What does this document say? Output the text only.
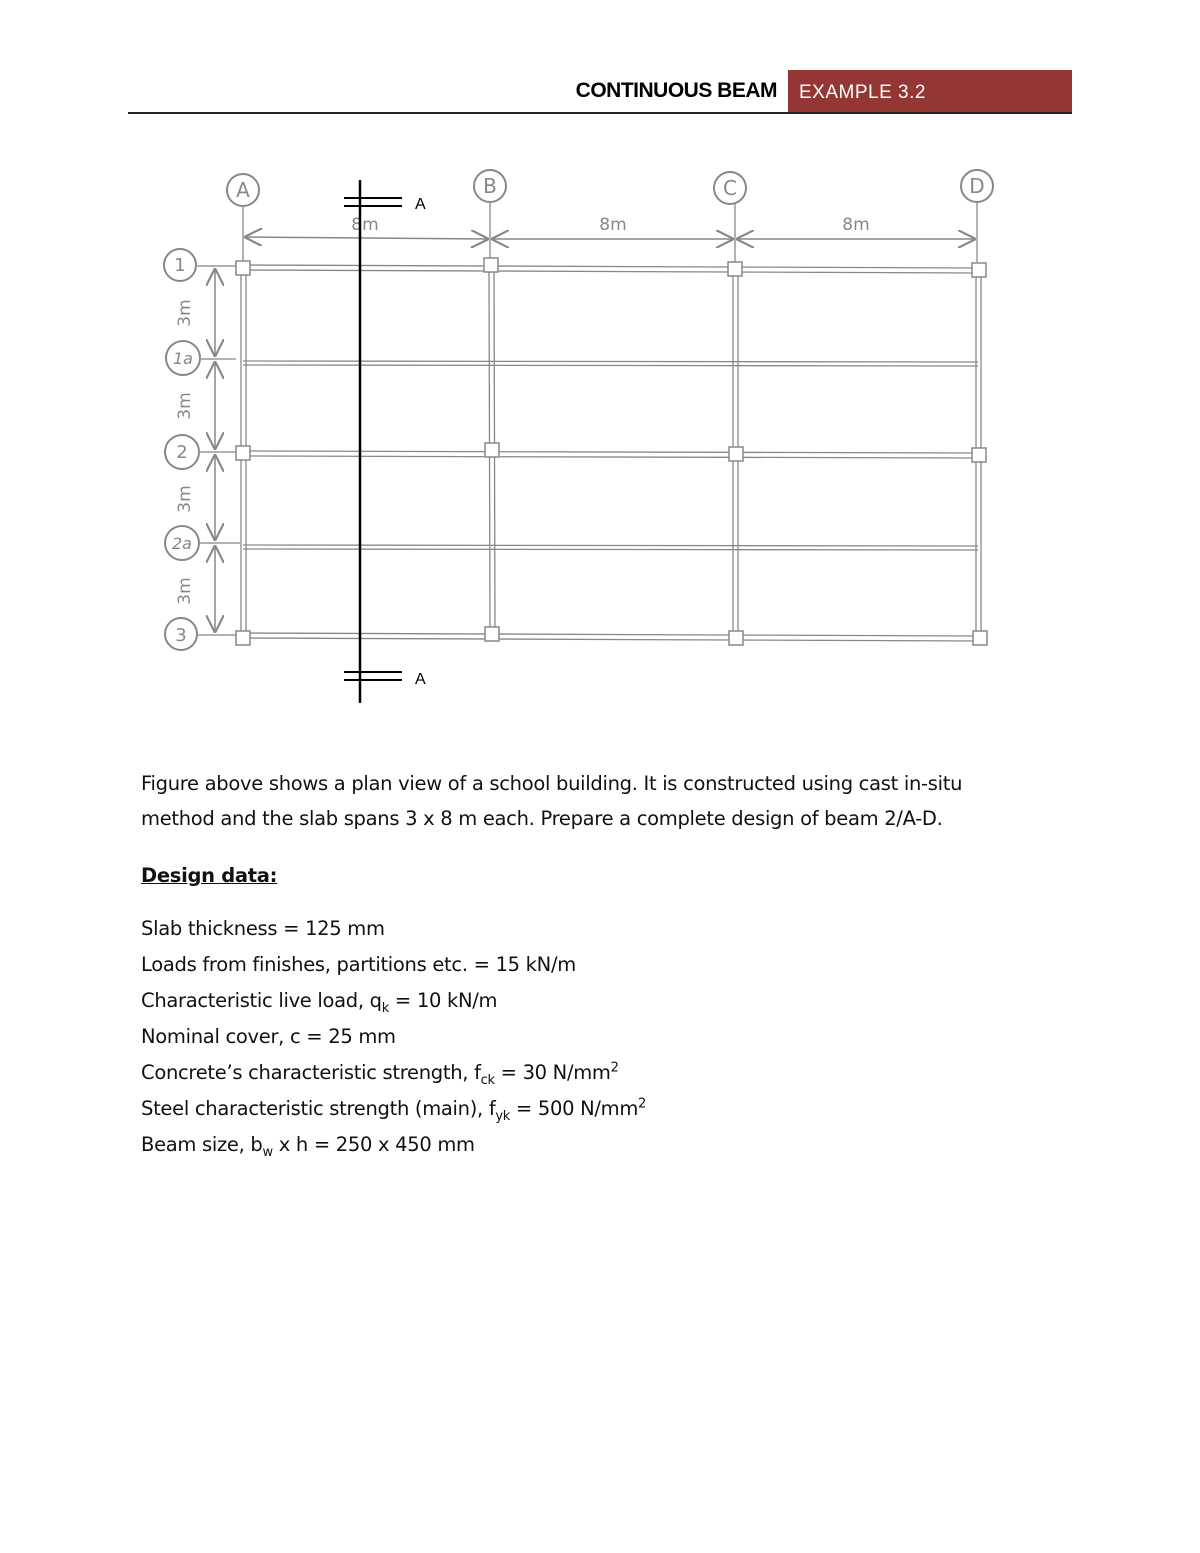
CONTINUOUS BEAM	EXAMPLE 3.2
A	B	C	D
8m	8m	8m
1
1a
2
2a
3
3m
3m
3m
3m
A
A

Figure above shows a plan view of a school building. It is constructed using cast in-situ

method and the slab spans 3 x 8 m each. Prepare a complete design of beam 2/A-D.

Design data:

Slab thickness = 125 mm

Loads from finishes, partitions etc. = 15 kN/m

Characteristic live load, $q_k = 10$ kN/m

Nominal cover, c = 25 mm

Concrete’s characteristic strength, $f_{ck} = 30$ $N/mm^2$

Steel characteristic strength (main), $f_{yk} = 500$ $N/mm^2$

Beam size, $b_w$ x h = 250 x 450 mm
